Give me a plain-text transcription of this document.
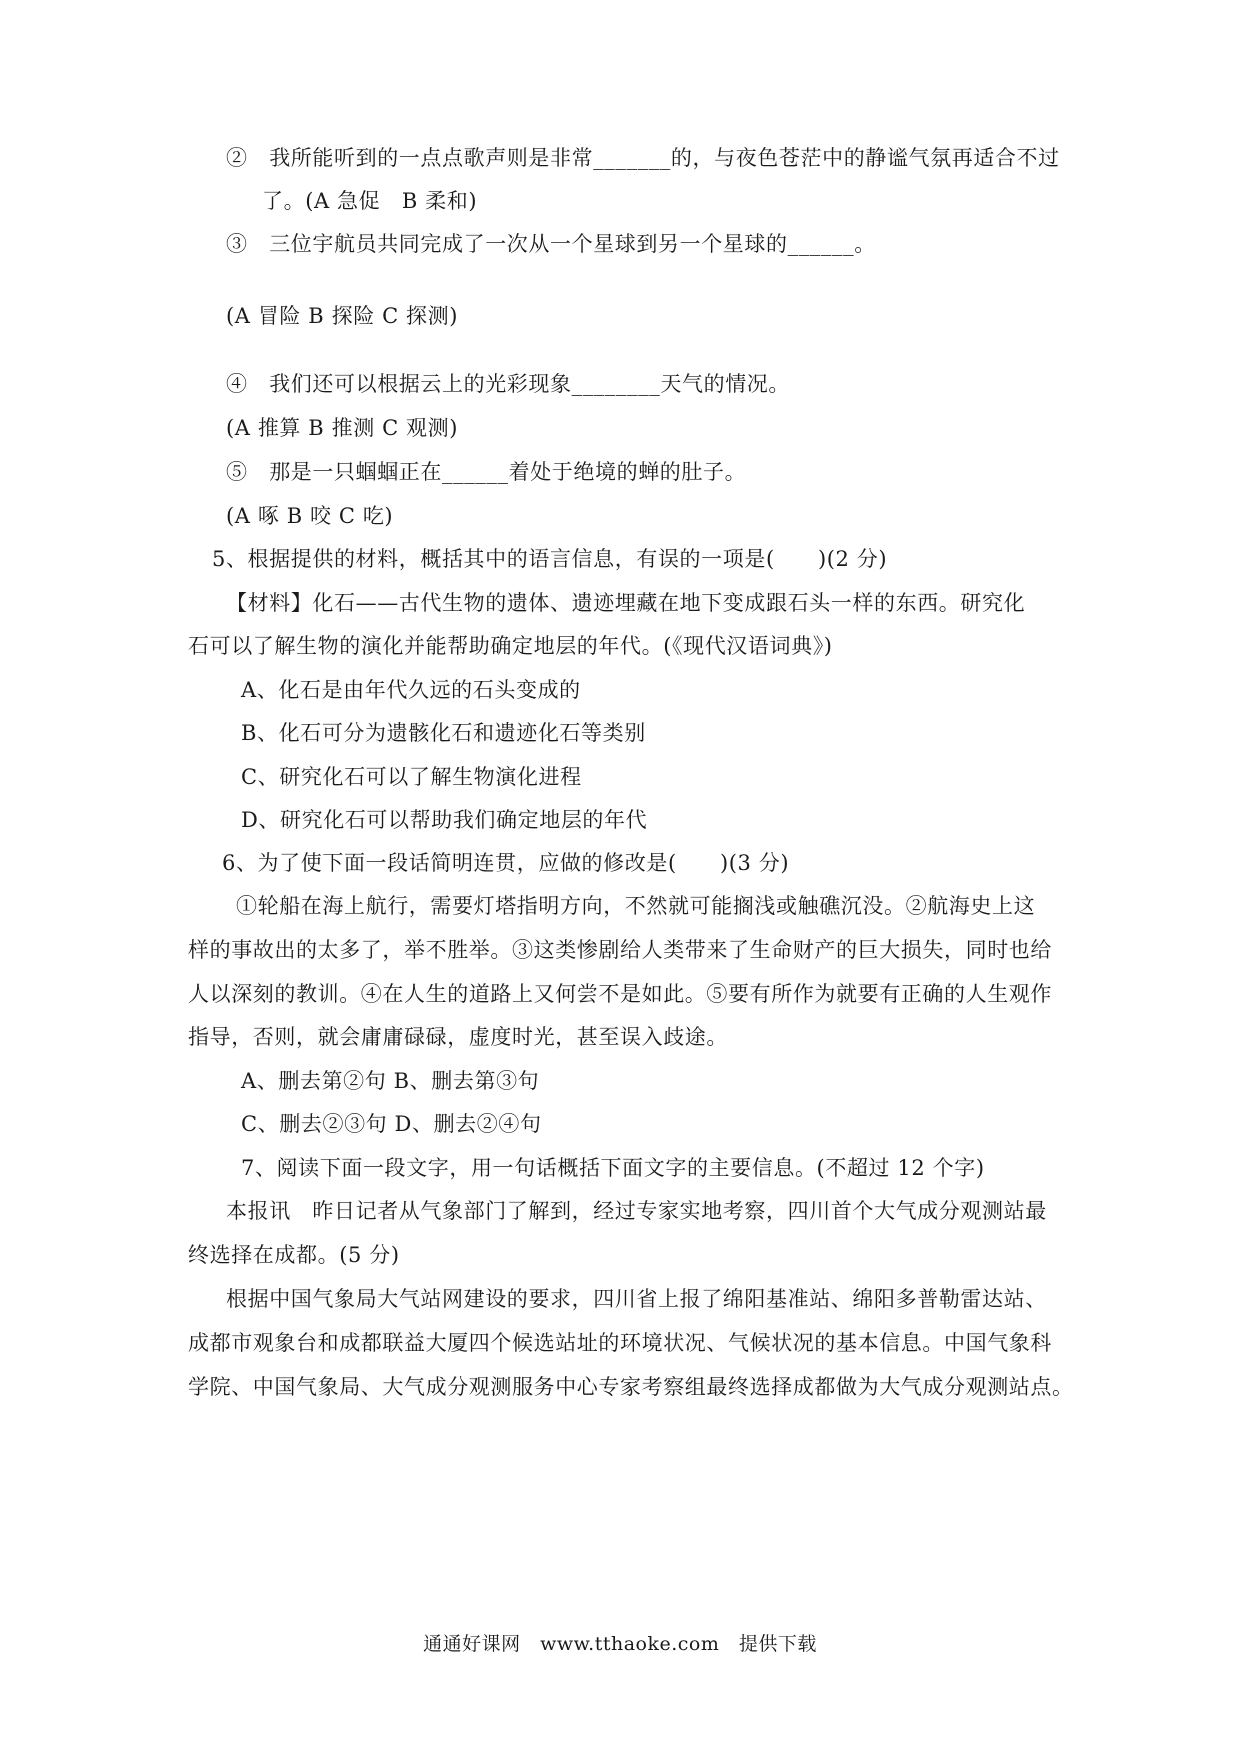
②　我所能听到的一点点歌声则是非常_______的，与夜色苍茫中的静谧气氛再适合不过
了。(A 急促　B 柔和)
③　三位宇航员共同完成了一次从一个星球到另一个星球的______。
(A 冒险 B 探险 C 探测)
④　我们还可以根据云上的光彩现象________天气的情况。
(A 推算 B 推测 C 观测)
⑤　那是一只蝈蝈正在______着处于绝境的蝉的肚子。
(A 啄 B 咬 C 吃)
5、根据提供的材料，概括其中的语言信息，有误的一项是(　　)(2 分)
【材料】化石——古代生物的遗体、遗迹埋藏在地下变成跟石头一样的东西。研究化
石可以了解生物的演化并能帮助确定地层的年代。(《现代汉语词典》)
A、化石是由年代久远的石头变成的
B、化石可分为遗骸化石和遗迹化石等类别
C、研究化石可以了解生物演化进程
D、研究化石可以帮助我们确定地层的年代
6、为了使下面一段话简明连贯，应做的修改是(　　)(3 分)
①轮船在海上航行，需要灯塔指明方向，不然就可能搁浅或触礁沉没。②航海史上这
样的事故出的太多了，举不胜举。③这类惨剧给人类带来了生命财产的巨大损失，同时也给
人以深刻的教训。④在人生的道路上又何尝不是如此。⑤要有所作为就要有正确的人生观作
指导，否则，就会庸庸碌碌，虚度时光，甚至误入歧途。
A、删去第②句 B、删去第③句
C、删去②③句 D、删去②④句
7、阅读下面一段文字，用一句话概括下面文字的主要信息。(不超过 12 个字)
本报讯　昨日记者从气象部门了解到，经过专家实地考察，四川首个大气成分观测站最
终选择在成都。(5 分)
根据中国气象局大气站网建设的要求，四川省上报了绵阳基准站、绵阳多普勒雷达站、
成都市观象台和成都联益大厦四个候选站址的环境状况、气候状况的基本信息。中国气象科
学院、中国气象局、大气成分观测服务中心专家考察组最终选择成都做为大气成分观测站点。
通通好课网　www.tthaoke.com　提供下载
